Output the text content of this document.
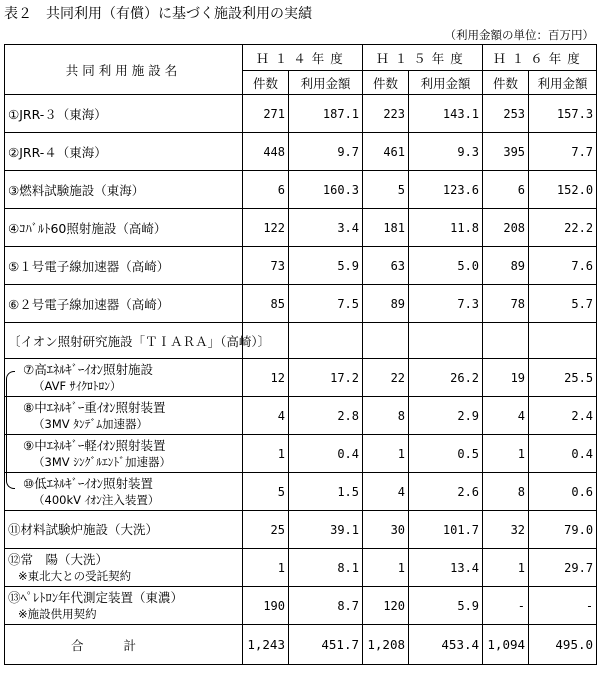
表２　共同利用（有償）に基づく施設利用の実績
（利用金額の単位：百万円）
共同利用施設名	Ｈ１４年度		Ｈ１５年度		Ｈ１６年度	
	件数	利用金額	件数	利用金額	件数	利用金額
①JRR-３（東海）	271	187.1	223	143.1	253	157.3
②JRR-４（東海）	448	9.7	461	9.3	395	7.7
③燃料試験施設（東海）	6	160.3	5	123.6	6	152.0
④ｺﾊﾞﾙﾄ60照射施設（高崎）	122	3.4	181	11.8	208	22.2
⑤１号電子線加速器（高崎）	73	5.9	63	5.0	89	7.6
⑥２号電子線加速器（高崎）	85	7.5	89	7.3	78	5.7
〔イオン照射研究施設「ＴＩＡＲＡ」（高崎）〕						

⑦高ｴﾈﾙｷﾞｰｲｵﾝ照射施設
（AVF ｻｲｸﾛﾄﾛﾝ）	12	17.2	22	26.2	19	25.5

⑧中ｴﾈﾙｷﾞｰ重ｲｵﾝ照射装置
（3MV ﾀﾝﾃﾞﾑ加速器）	4	2.8	8	2.9	4	2.4

⑨中ｴﾈﾙｷﾞｰ軽ｲｵﾝ照射装置
（3MV ｼﾝｸﾞﾙｴﾝﾄﾞ加速器）	1	0.4	1	0.5	1	0.4

⑩低ｴﾈﾙｷﾞｰｲｵﾝ照射装置
（400kV ｲｵﾝ注入装置）	5	1.5	4	2.6	8	0.6

⑪材料試験炉施設（大洗）	25	39.1	30	101.7	32	79.0

⑫常　陽（大洗）
※東北大との受託契約	1	8.1	1	13.4	1	29.7

⑬ﾍﾟﾚﾄﾛﾝ年代測定装置（東濃）
※施設供用契約	190	8.7	120	5.9	-	-
合計	1,243	451.7	1,208	453.4	1,094	495.0
